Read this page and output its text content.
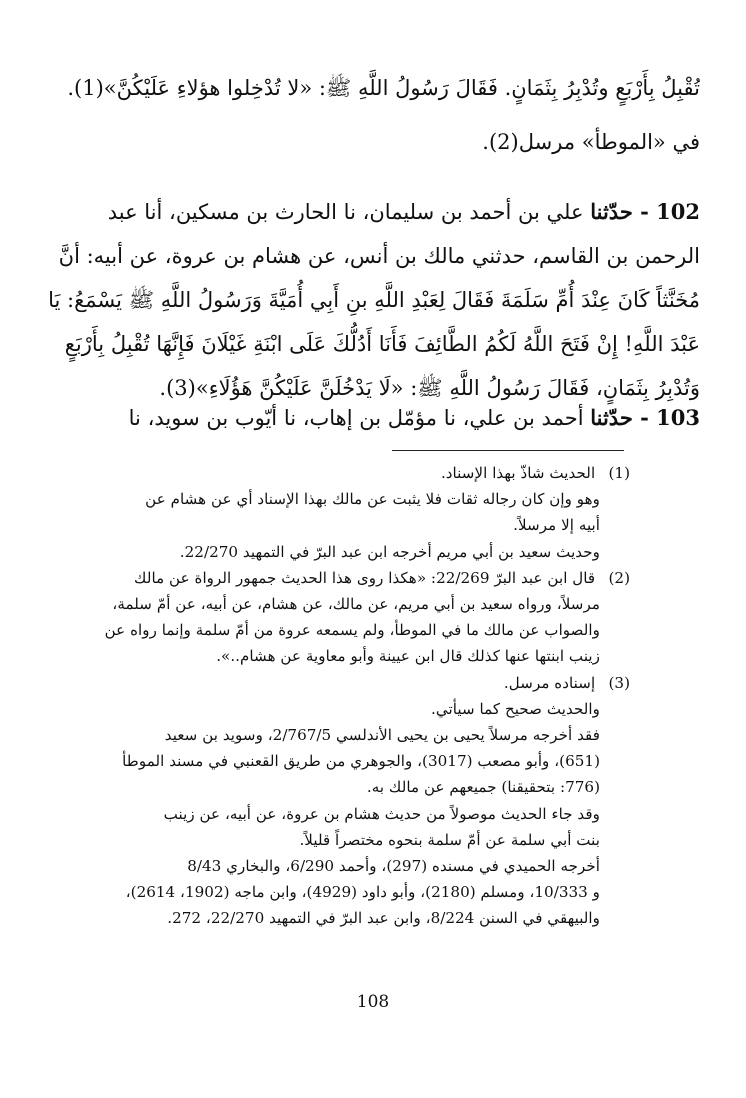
تُقْبِلُ بِأَرْبَعٍ وتُدْبِرُ بِثَمَانٍ. فَقَالَ رَسُولُ اللَّهِ ﷺ: «لا تُدْخِلوا هؤلاءِ عَلَيْكُنَّ»(1).

في «الموطأ» مرسل(2).

102 - حدّثنا علي بن أحمد بن سليمان، نا الحارث بن مسكين، أنا عبد

الرحمن بن القاسم، حدثني مالك بن أنس، عن هشام بن عروة، عن أبيه: أنَّ

مُخَنَّثاً كَانَ عِنْدَ أُمِّ سَلَمَةَ فَقَالَ لِعَبْدِ اللَّهِ بنِ أَبِي أُمَيَّةَ وَرَسُولُ اللَّهِ ﷺ يَسْمَعُ: يَا

عَبْدَ اللَّهِ! إِنْ فَتَحَ اللَّهُ لَكُمُ الطَّائِفَ فَأَنَا أَدُلُّكَ عَلَى ابْنَةِ غَيْلَانَ فَإِنَّهَا تُقْبِلُ بِأَرْبَعٍ

وَتُدْبِرُ بِثَمَانٍ، فَقَالَ رَسُولُ اللَّهِ ﷺ: «لَا يَدْخُلَنَّ عَلَيْكُنَّ هَؤُلَاءِ»(3).

103 - حدّثنا أحمد بن علي، نا مؤمّل بن إهاب، نا أيّوب بن سويد، نا

(1) الحديث شاذّ بهذا الإسناد.

وهو وإن كان رجاله ثقات فلا يثبت عن مالك بهذا الإسناد أي عن هشام عن

أبيه إلا مرسلاً.

وحديث سعيد بن أبي مريم أخرجه ابن عبد البرّ في التمهيد 22/270.

(2) قال ابن عبد البرّ 22/269: «هكذا روى هذا الحديث جمهور الرواة عن مالك

مرسلاً، ورواه سعيد بن أبي مريم، عن مالك، عن هشام، عن أبيه، عن أمّ سلمة،

والصواب عن مالك ما في الموطأ، ولم يسمعه عروة من أمّ سلمة وإنما رواه عن

زينب ابنتها عنها كذلك قال ابن عيينة وأبو معاوية عن هشام..».

(3) إسناده مرسل.

والحديث صحيح كما سيأتي.

فقد أخرجه مرسلاً يحيى بن يحيى الأندلسي 2/767/5، وسويد بن سعيد

(651)، وأبو مصعب (3017)، والجوهري من طريق القعنبي في مسند الموطأ

(776: بتحقيقنا) جميعهم عن مالك به.

وقد جاء الحديث موصولاً من حديث هشام بن عروة، عن أبيه، عن زينب

بنت أبي سلمة عن أمّ سلمة بنحوه مختصراً قليلاً.

أخرجه الحميدي في مسنده (297)، وأحمد 6/290، والبخاري 8/43

و 10/333، ومسلم (2180)، وأبو داود (4929)، وابن ماجه (1902، 2614)،

والبيهقي في السنن 8/224، وابن عبد البرّ في التمهيد 22/270، 272.

108
